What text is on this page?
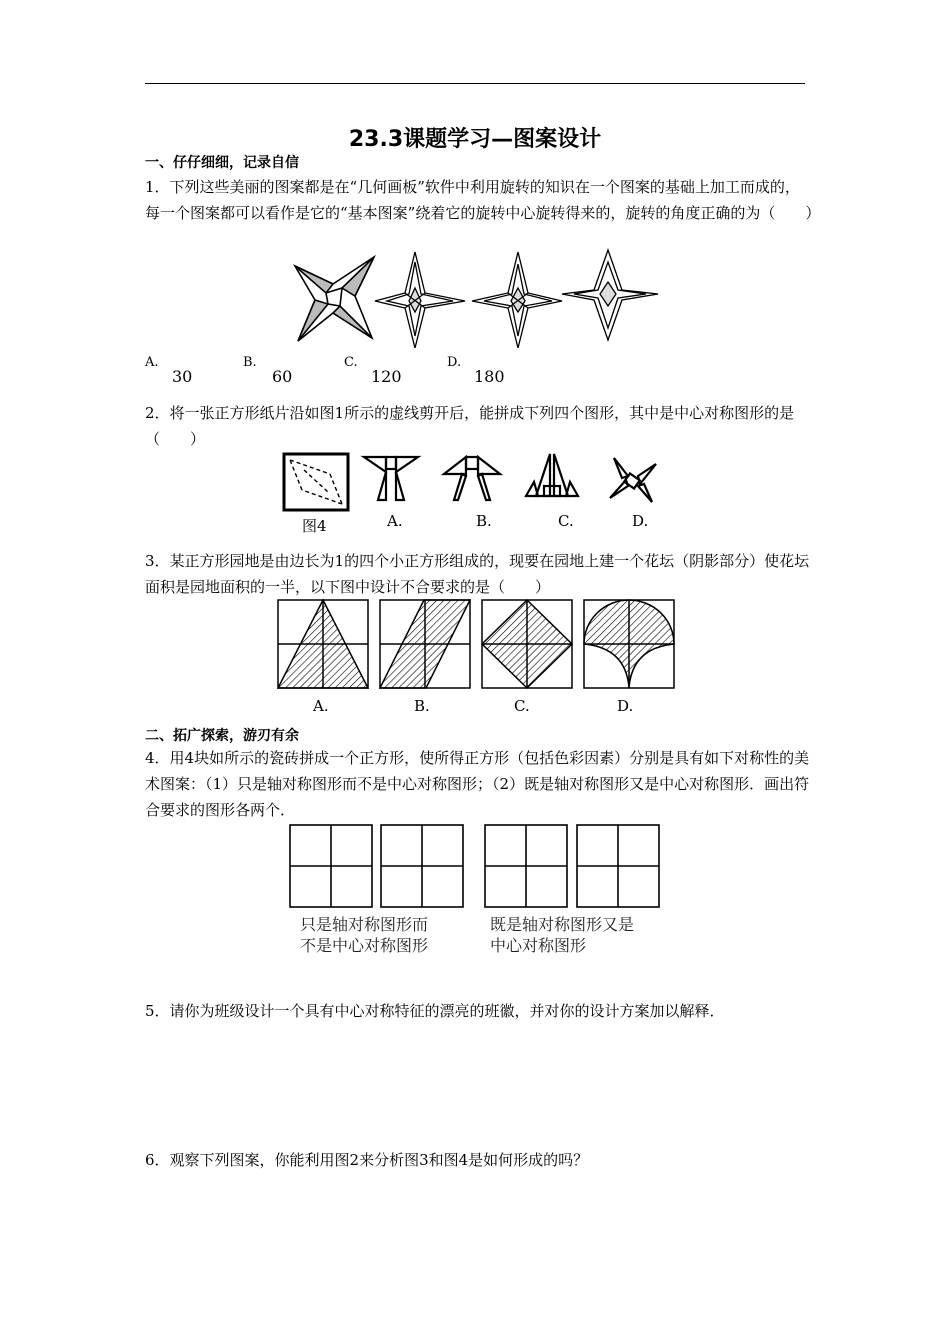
23.3课题学习—图案设计
一、仔仔细细，记录自信
1．下列这些美丽的图案都是在“几何画板”软件中利用旋转的知识在一个图案的基础上加工而成的，每一个图案都可以看作是它的“基本图案”绕着它的旋转中心旋转得来的，旋转的角度正确的为（　　）
A.
30
B.
60
C.
120
D.
180
2．将一张正方形纸片沿如图1所示的虚线剪开后，能拼成下列四个图形，其中是中心对称图形的是（　　）
图4	A.	B.	C.	D.
3．某正方形园地是由边长为1的四个小正方形组成的，现要在园地上建一个花坛（阴影部分）使花坛面积是园地面积的一半，以下图中设计不合要求的是（　　）
A.	B.	C.	D.
二、拓广探索，游刃有余
4．用4块如所示的瓷砖拼成一个正方形，使所得正方形（包括色彩因素）分别是具有如下对称性的美术图案：（1）只是轴对称图形而不是中心对称图形；（2）既是轴对称图形又是中心对称图形．画出符合要求的图形各两个．
只是轴对称图形而
不是中心对称图形
既是轴对称图形又是
中心对称图形
5．请你为班级设计一个具有中心对称特征的漂亮的班徽，并对你的设计方案加以解释．
6．观察下列图案，你能利用图2来分析图3和图4是如何形成的吗？
